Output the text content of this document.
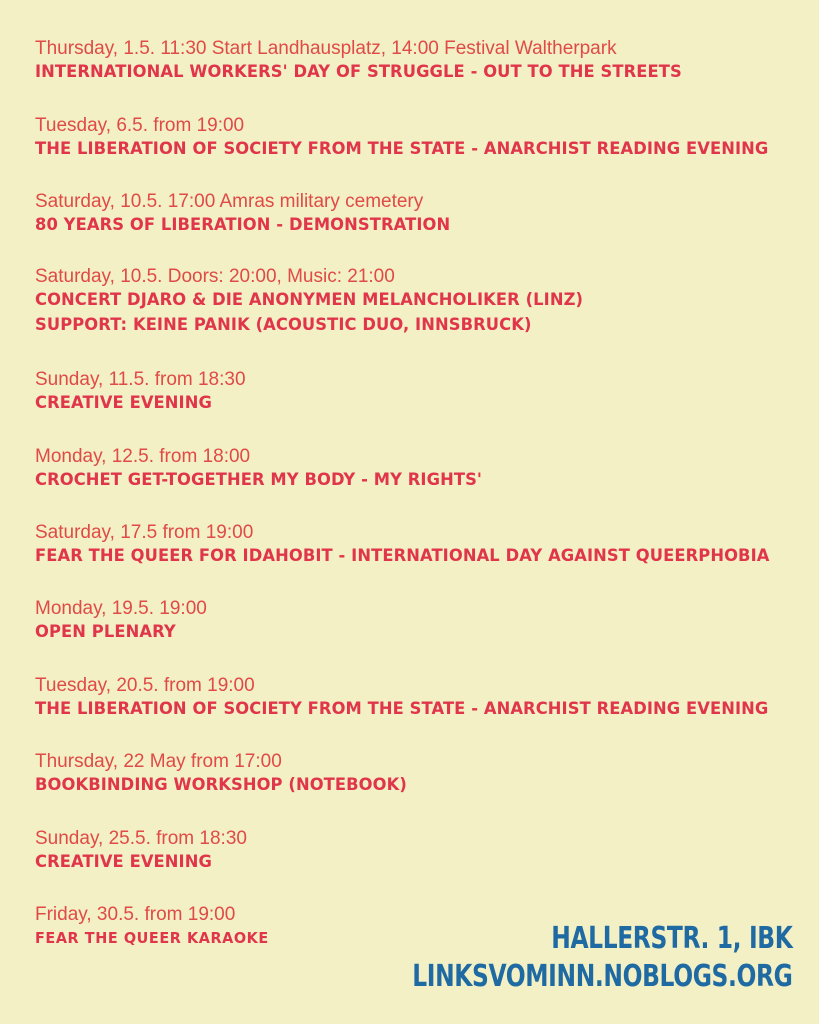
Thursday, 1.5. 11:30 Start Landhausplatz, 14:00 Festival Waltherpark
INTERNATIONAL WORKERS' DAY OF STRUGGLE - OUT TO THE STREETS
Tuesday, 6.5. from 19:00
THE LIBERATION OF SOCIETY FROM THE STATE - ANARCHIST READING EVENING
Saturday, 10.5. 17:00 Amras military cemetery
80 YEARS OF LIBERATION - DEMONSTRATION
Saturday, 10.5. Doors: 20:00, Music: 21:00
CONCERT DJARO & DIE ANONYMEN MELANCHOLIKER (LINZ)
SUPPORT: KEINE PANIK (ACOUSTIC DUO, INNSBRUCK)
Sunday, 11.5. from 18:30
CREATIVE EVENING
Monday, 12.5. from 18:00
CROCHET GET-TOGETHER MY BODY - MY RIGHTS'
Saturday, 17.5 from 19:00
FEAR THE QUEER FOR IDAHOBIT - INTERNATIONAL DAY AGAINST QUEERPHOBIA
Monday, 19.5. 19:00
OPEN PLENARY
Tuesday, 20.5. from 19:00
THE LIBERATION OF SOCIETY FROM THE STATE - ANARCHIST READING EVENING
Thursday, 22 May from 17:00
BOOKBINDING WORKSHOP (NOTEBOOK)
Sunday, 25.5. from 18:30
CREATIVE EVENING
Friday, 30.5. from 19:00
FEAR THE QUEER KARAOKE	HALLERSTR. 1, IBK
LINKSVOMINN.NOBLOGS.ORG
